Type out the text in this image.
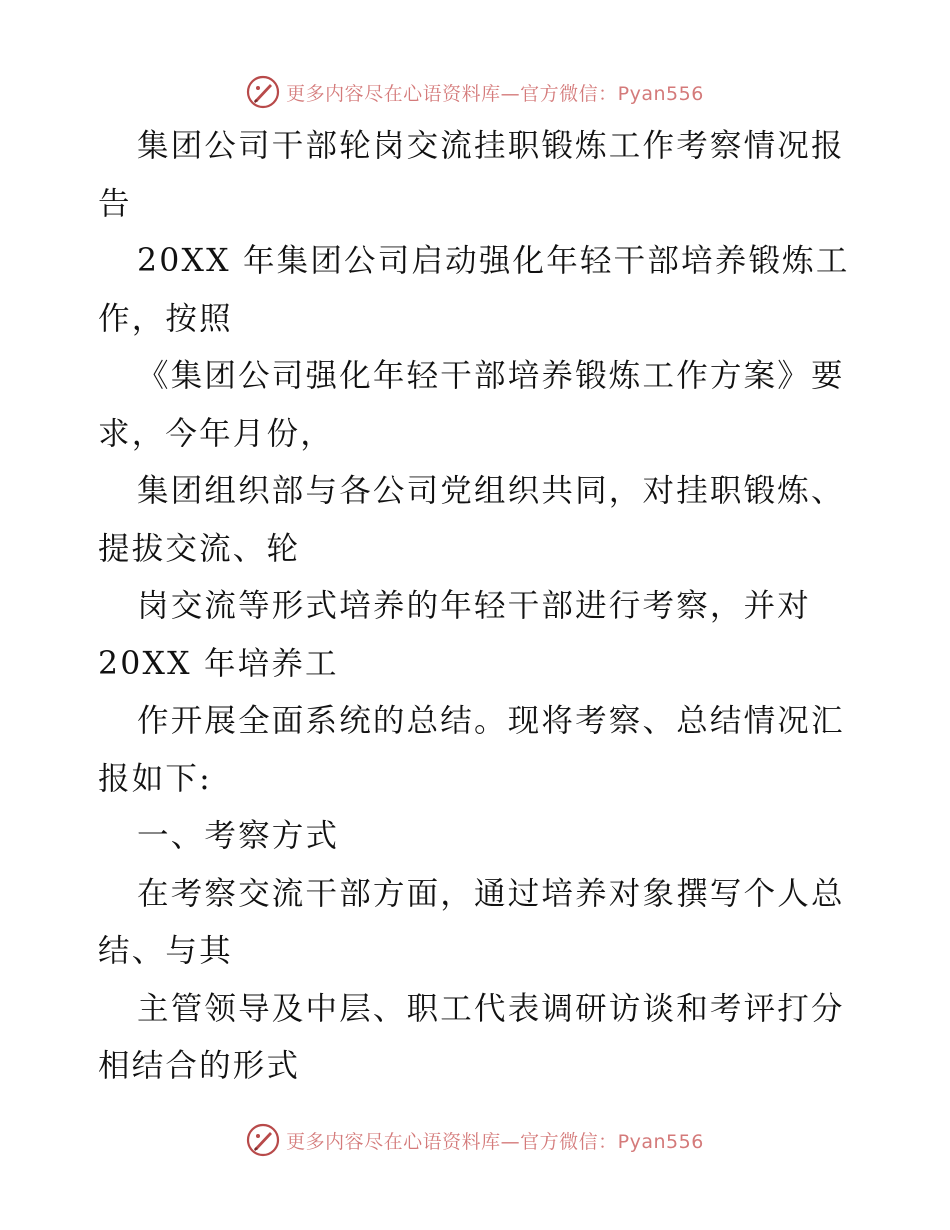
更多内容尽在心语资料库—官方微信：Pyan556
集团公司干部轮岗交流挂职锻炼工作考察情况报
告
20XX 年集团公司启动强化年轻干部培养锻炼工
作，按照
《集团公司强化年轻干部培养锻炼工作方案》要
求，今年月份，
集团组织部与各公司党组织共同，对挂职锻炼、
提拔交流、轮
岗交流等形式培养的年轻干部进行考察，并对
20XX 年培养工
作开展全面系统的总结。现将考察、总结情况汇
报如下:
一、考察方式
在考察交流干部方面，通过培养对象撰写个人总
结、与其
主管领导及中层、职工代表调研访谈和考评打分
相结合的形式
更多内容尽在心语资料库—官方微信：Pyan556
